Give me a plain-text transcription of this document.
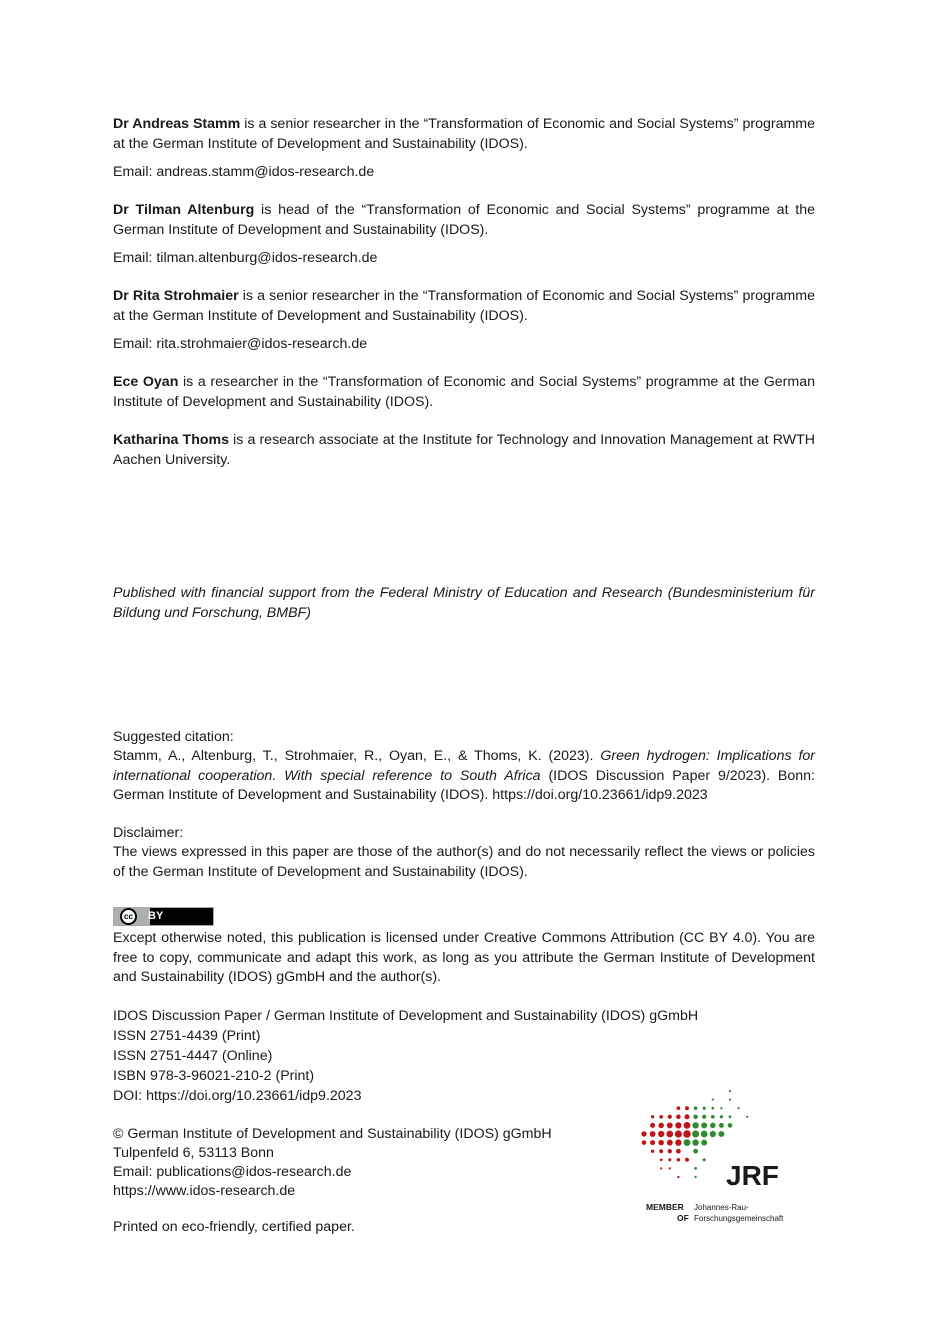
Dr Andreas Stamm is a senior researcher in the “Transformation of Economic and Social Systems” programme at the German Institute of Development and Sustainability (IDOS).

Email: andreas.stamm@idos-research.de

Dr Tilman Altenburg is head of the “Transformation of Economic and Social Systems” programme at the German Institute of Development and Sustainability (IDOS).

Email: tilman.altenburg@idos-research.de

Dr Rita Strohmaier is a senior researcher in the “Transformation of Economic and Social Systems” programme at the German Institute of Development and Sustainability (IDOS).

Email: rita.strohmaier@idos-research.de

Ece Oyan is a researcher in the “Transformation of Economic and Social Systems” programme at the German Institute of Development and Sustainability (IDOS).

Katharina Thoms is a research associate at the Institute for Technology and Innovation Management at RWTH Aachen University.

Published with financial support from the Federal Ministry of Education and Research (Bundesministerium für Bildung und Forschung, BMBF)
Suggested citation:
Stamm, A., Altenburg, T., Strohmaier, R., Oyan, E., & Thoms, K. (2023). Green hydrogen: Implications for international cooperation. With special reference to South Africa (IDOS Discussion Paper 9/2023). Bonn: German Institute of Development and Sustainability (IDOS). https://doi.org/10.23661/idp9.2023
Disclaimer:
The views expressed in this paper are those of the author(s) and do not necessarily reflect the views or policies of the German Institute of Development and Sustainability (IDOS).
cc	BY
Except otherwise noted, this publication is licensed under Creative Commons Attribution (CC BY 4.0). You are free to copy, communicate and adapt this work, as long as you attribute the German Institute of Development and Sustainability (IDOS) gGmbH and the author(s).
IDOS Discussion Paper / German Institute of Development and Sustainability (IDOS) gGmbH
ISSN 2751-4439 (Print)
ISSN 2751-4447 (Online)
ISBN 978-3-96021-210-2 (Print)
DOI: https://doi.org/10.23661/idp9.2023
© German Institute of Development and Sustainability (IDOS) gGmbH
Tulpenfeld 6, 53113 Bonn
Email: publications@idos-research.de
https://www.idos-research.de
Printed on eco-friendly, certified paper.
JRF
MEMBER
OF
Johannes-Rau-
Forschungsgemeinschaft
